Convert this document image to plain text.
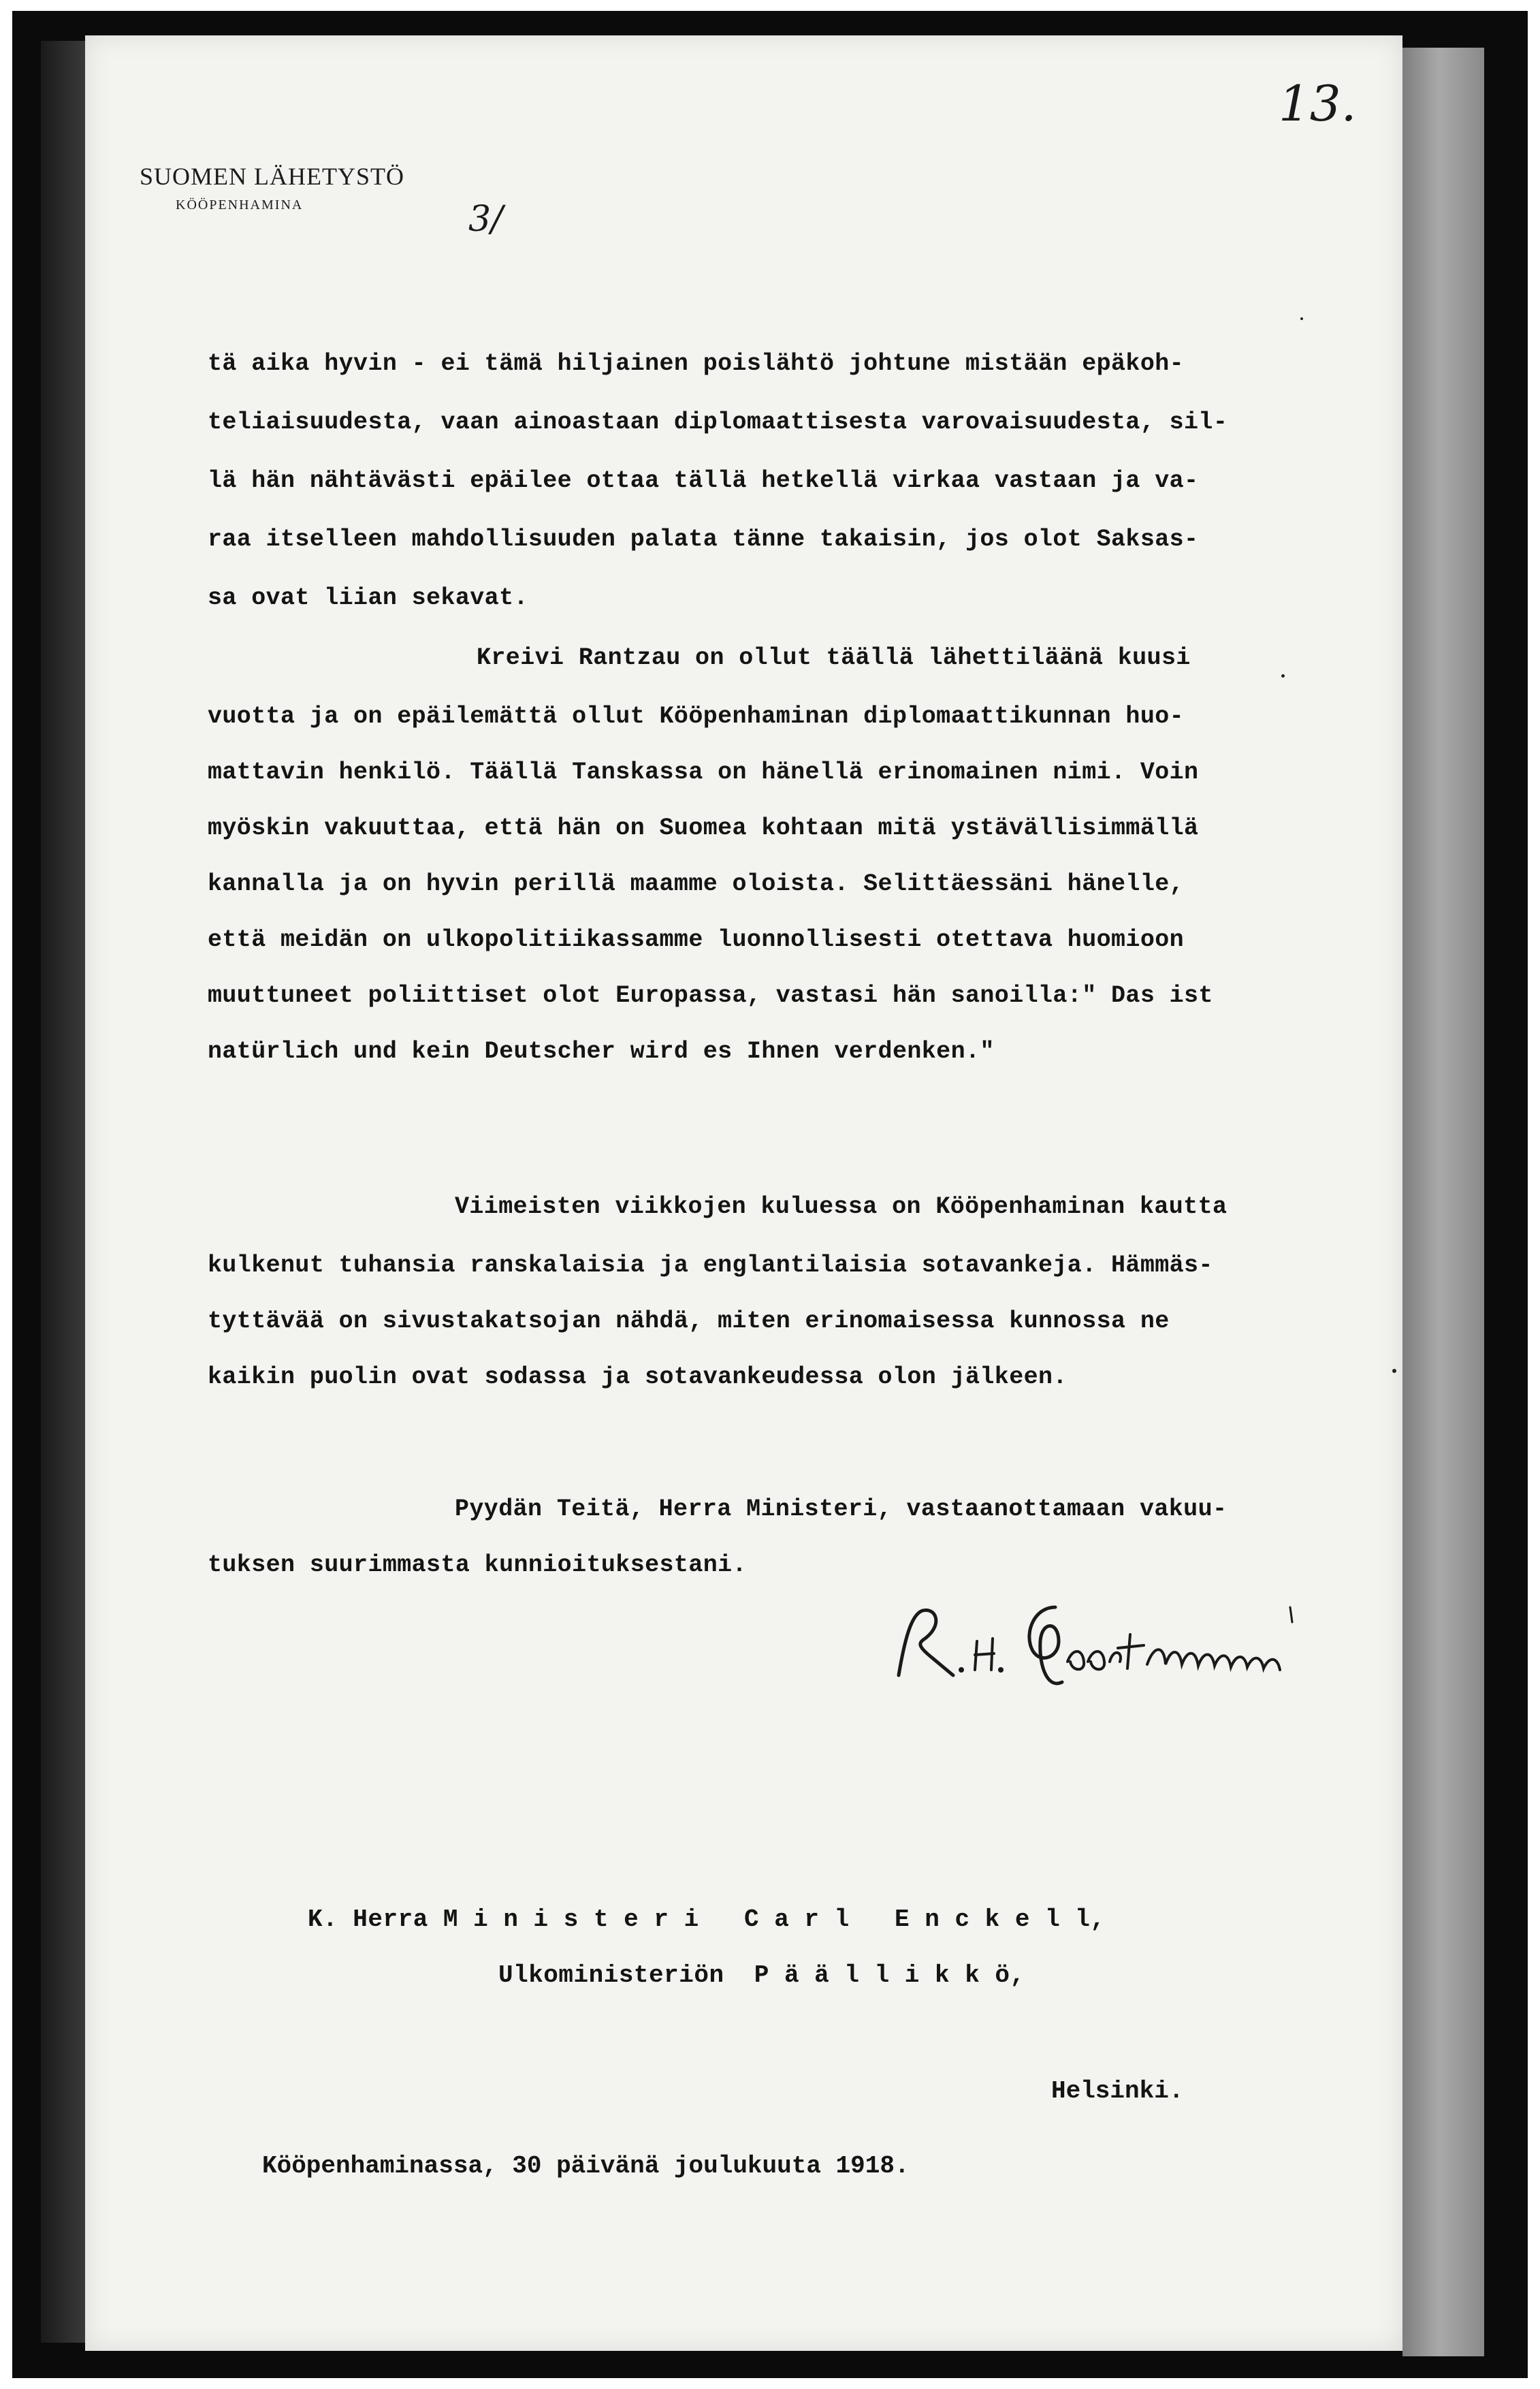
SUOMEN LÄHETYSTÖ
KÖÖPENHAMINA
13.
3/
tä aika hyvin - ei tämä hiljainen poislähtö johtune mistään epäkoh-
teliaisuudesta, vaan ainoastaan diplomaattisesta varovaisuudesta, sil-
lä hän nähtävästi epäilee ottaa tällä hetkellä virkaa vastaan ja va-
raa itselleen mahdollisuuden palata tänne takaisin, jos olot Saksas-
sa ovat liian sekavat.
Kreivi Rantzau on ollut täällä lähettiläänä kuusi
vuotta ja on epäilemättä ollut Kööpenhaminan diplomaattikunnan huo-
mattavin henkilö. Täällä Tanskassa on hänellä erinomainen nimi. Voin
myöskin vakuuttaa, että hän on Suomea kohtaan mitä ystävällisimmällä
kannalla ja on hyvin perillä maamme oloista. Selittäessäni hänelle,
että meidän on ulkopolitiikassamme luonnollisesti otettava huomioon
muuttuneet poliittiset olot Europassa, vastasi hän sanoilla:" Das ist
natürlich und kein Deutscher wird es Ihnen verdenken."
Viimeisten viikkojen kuluessa on Kööpenhaminan kautta
kulkenut tuhansia ranskalaisia ja englantilaisia sotavankeja. Hämmäs-
tyttävää on sivustakatsojan nähdä, miten erinomaisessa kunnossa ne
kaikin puolin ovat sodassa ja sotavankeudessa olon jälkeen.
Pyydän Teitä, Herra Ministeri, vastaanottamaan vakuu-
tuksen suurimmasta kunnioituksestani.
K. Herra M i n i s t e r i   C a r l   E n c k e l l,
Ulkoministeriön  P ä ä l l i k k ö,
Helsinki.
Kööpenhaminassa, 30 päivänä joulukuuta 1918.
